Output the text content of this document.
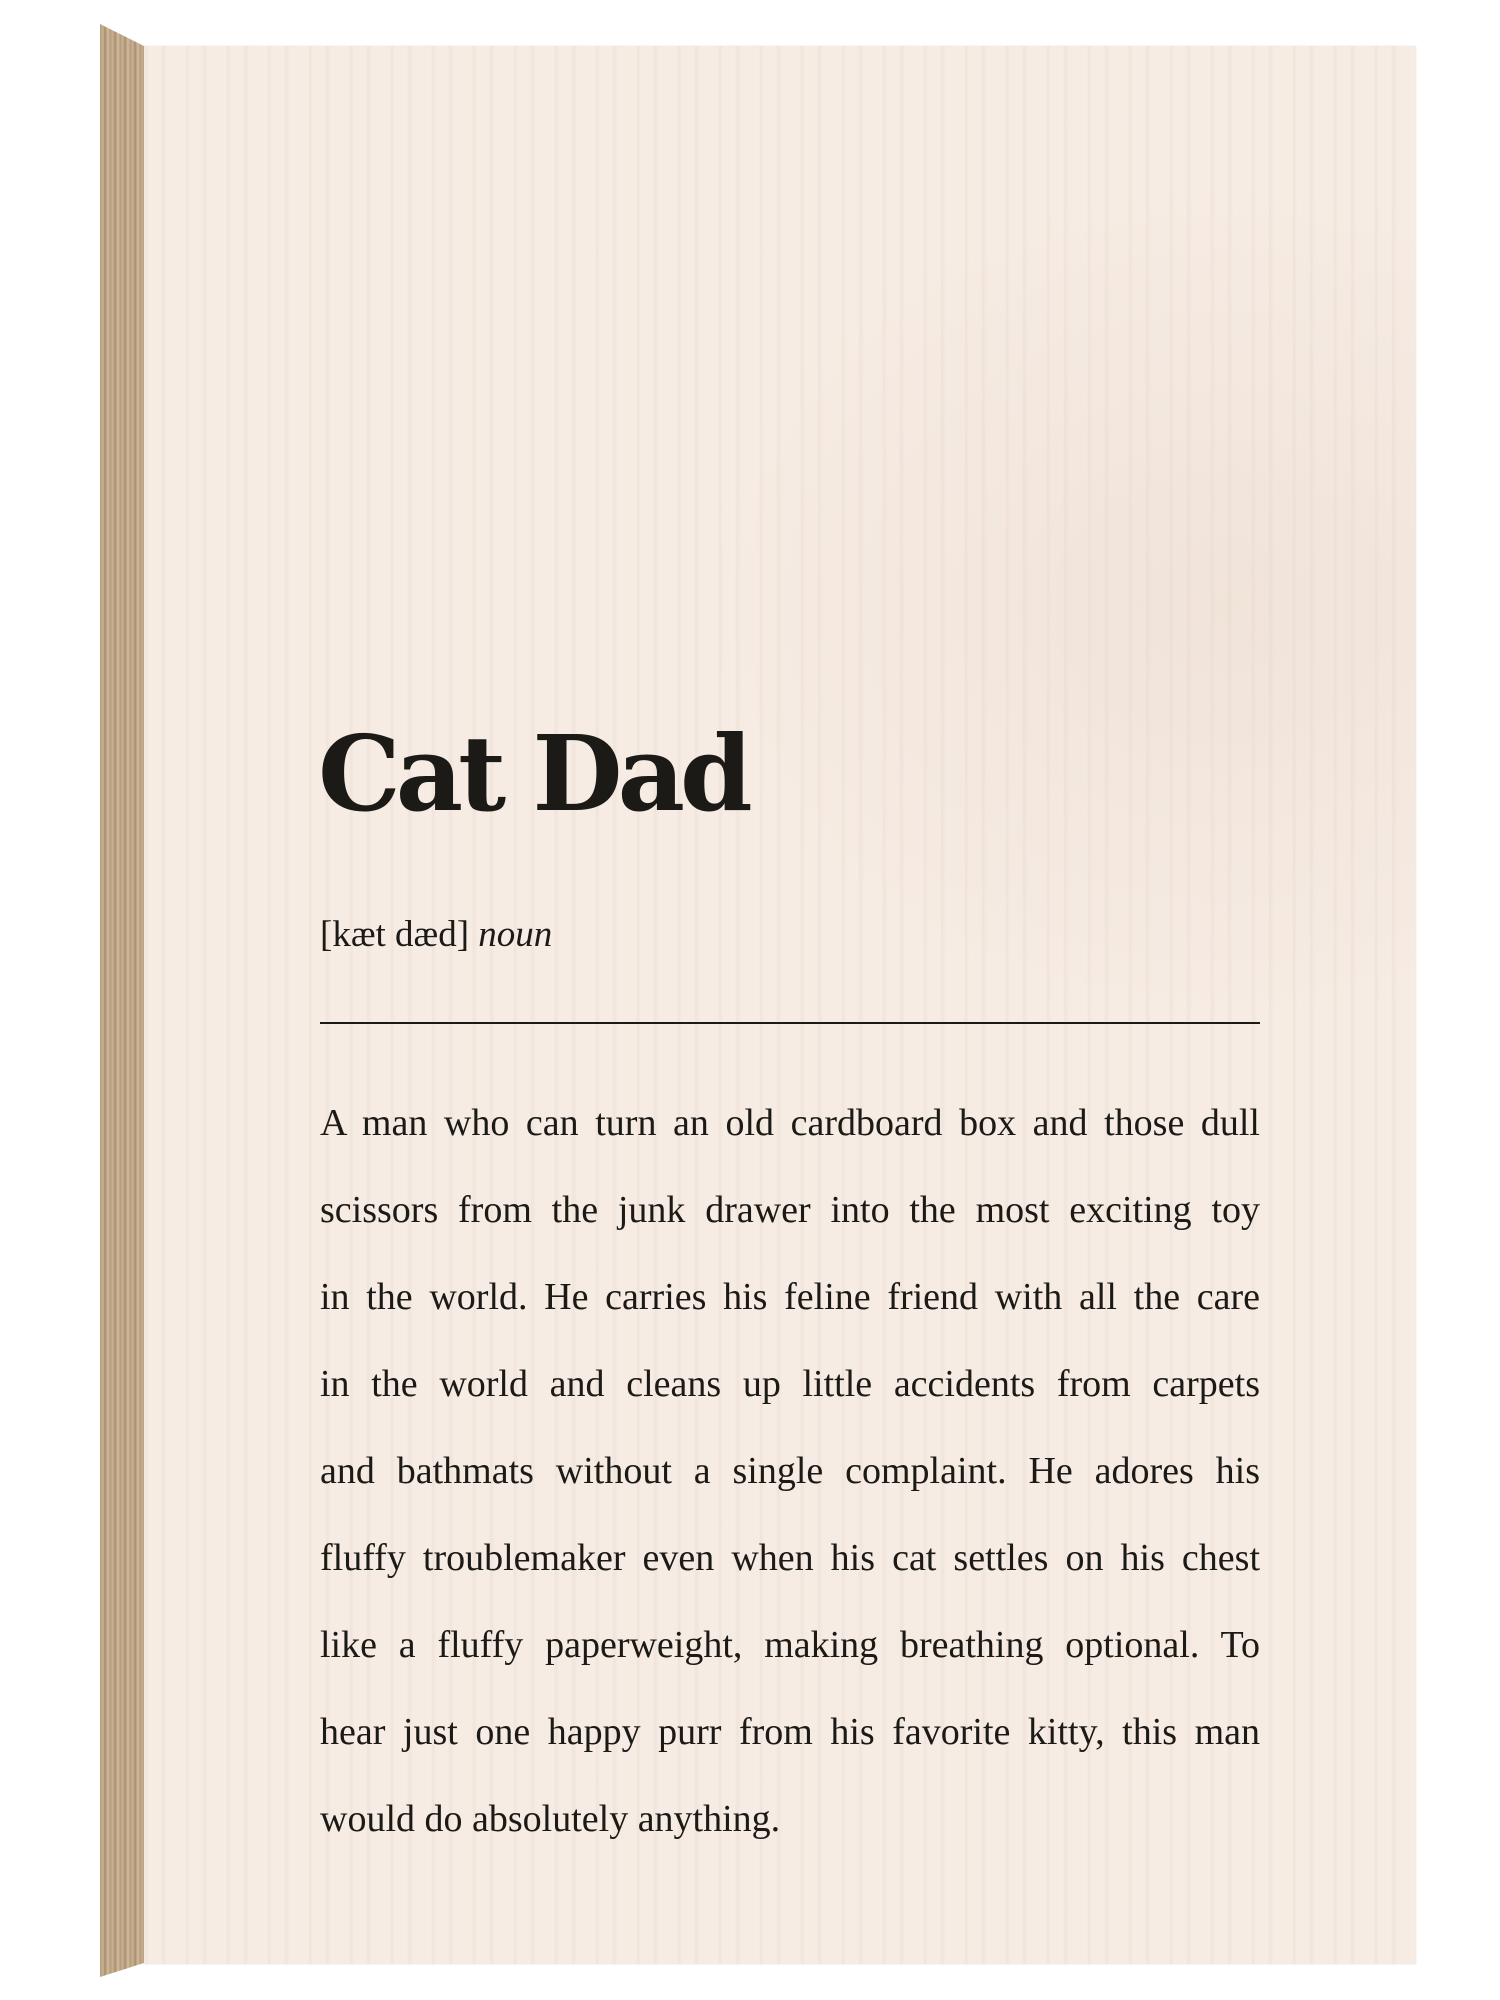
Cat Dad
[kæt dæd] noun

A man who can turn an old cardboard box and those dull
scissors from the junk drawer into the most exciting toy
in the world. He carries his feline friend with all the care
in the world and cleans up little accidents from carpets
and bathmats without a single complaint. He adores his
fluffy troublemaker even when his cat settles on his chest
like a fluffy paperweight, making breathing optional. To
hear just one happy purr from his favorite kitty, this man
would do absolutely anything.
